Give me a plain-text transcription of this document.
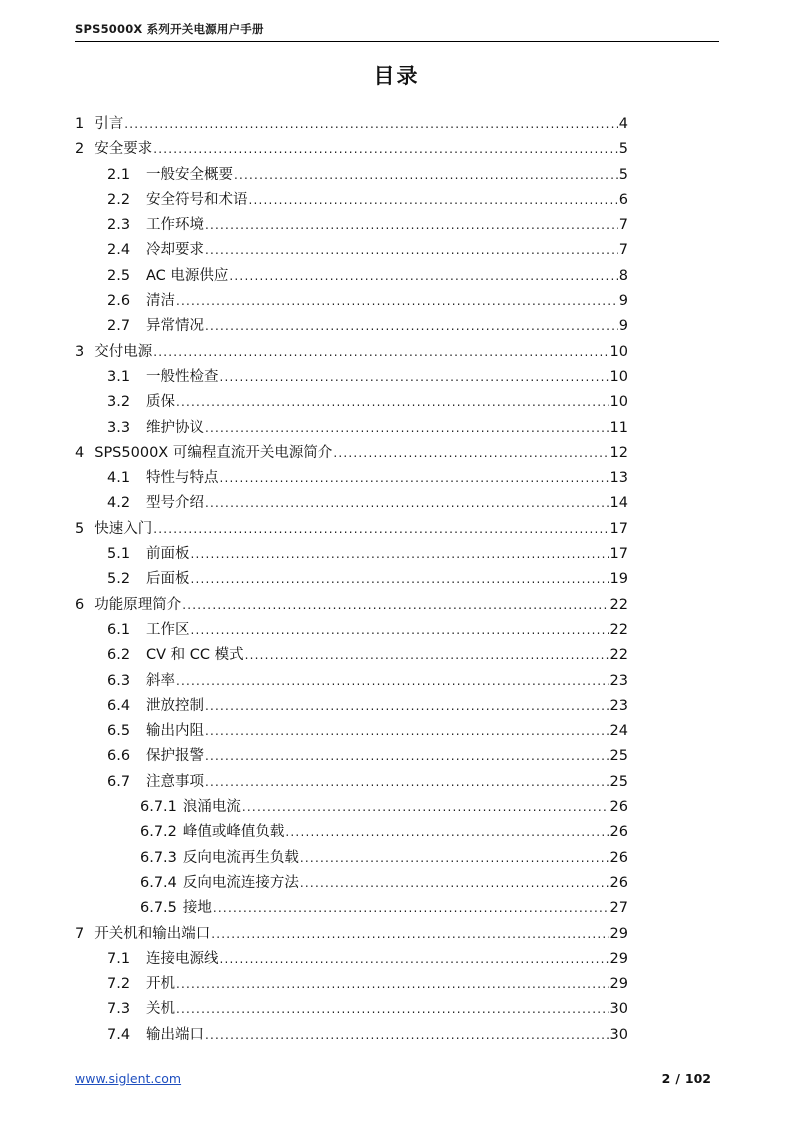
SPS5000X 系列开关电源用户手册
目录
1 引言 .....	4
2 安全要求 .....	5
2.1	一般安全概要 .....	5
2.2	安全符号和术语 .....	6
2.3	工作环境 .....	7
2.4	冷却要求 .....	7
2.5	AC 电源供应 .....	8
2.6	清洁 .....	9
2.7	异常情况 .....	9
3 交付电源 .....	10
3.1	一般性检查 .....	10
3.2	质保 .....	10
3.3	维护协议 .....	11
4 SPS5000X 可编程直流开关电源简介 .....	12
4.1	特性与特点 .....	13
4.2	型号介绍 .....	14
5 快速入门 .....	17
5.1	前面板 .....	17
5.2	后面板 .....	19
6 功能原理简介 .....	22
6.1	工作区 .....	22
6.2	CV 和 CC 模式 .....	22
6.3	斜率 .....	23
6.4	泄放控制 .....	23
6.5	输出内阻 .....	24
6.6	保护报警 .....	25
6.7	注意事项 .....	25
6.7.1 浪涌电流 .....	26
6.7.2 峰值或峰值负载 .....	26
6.7.3 反向电流再生负载 .....	26
6.7.4 反向电流连接方法 .....	26
6.7.5 接地 .....	27
7 开关机和输出端口 .....	29
7.1	连接电源线 .....	29
7.2	开机 .....	29
7.3	关机 .....	30
7.4	输出端口 .....	30
www.siglent.com	2 / 102
